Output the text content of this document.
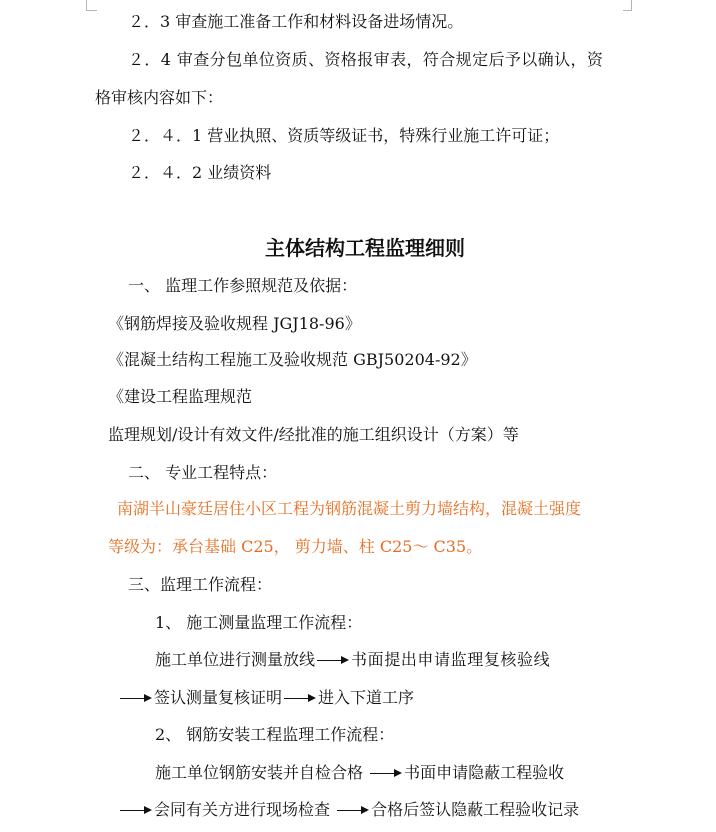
２．3 审查施工准备工作和材料设备进场情况。
２．4 审查分包单位资质、资格报审表，符合规定后予以确认，资
格审核内容如下：
２．４．1 营业执照、资质等级证书，特殊行业施工许可证；
２．４．2 业绩资料
主体结构工程监理细则
一、 监理工作参照规范及依据：
《钢筋焊接及验收规程 JGJ18-96》
《混凝土结构工程施工及验收规范 GBJ50204-92》
《建设工程监理规范
监理规划/设计有效文件/经批准的施工组织设计（方案）等
二、 专业工程特点：
南湖半山豪廷居住小区工程为钢筋混凝土剪力墙结构，混凝土强度
等级为：承台基础 C25， 剪力墙、柱 C25～ C35。
三、监理工作流程：
1、 施工测量监理工作流程：
施工单位进行测量放线 书面提出申请监理复核验线
签认测量复核证明 进入下道工序
2、 钢筋安装工程监理工作流程：
施工单位钢筋安装并自检合格 书面申请隐蔽工程验收
会同有关方进行现场检查 合格后签认隐蔽工程验收记录
